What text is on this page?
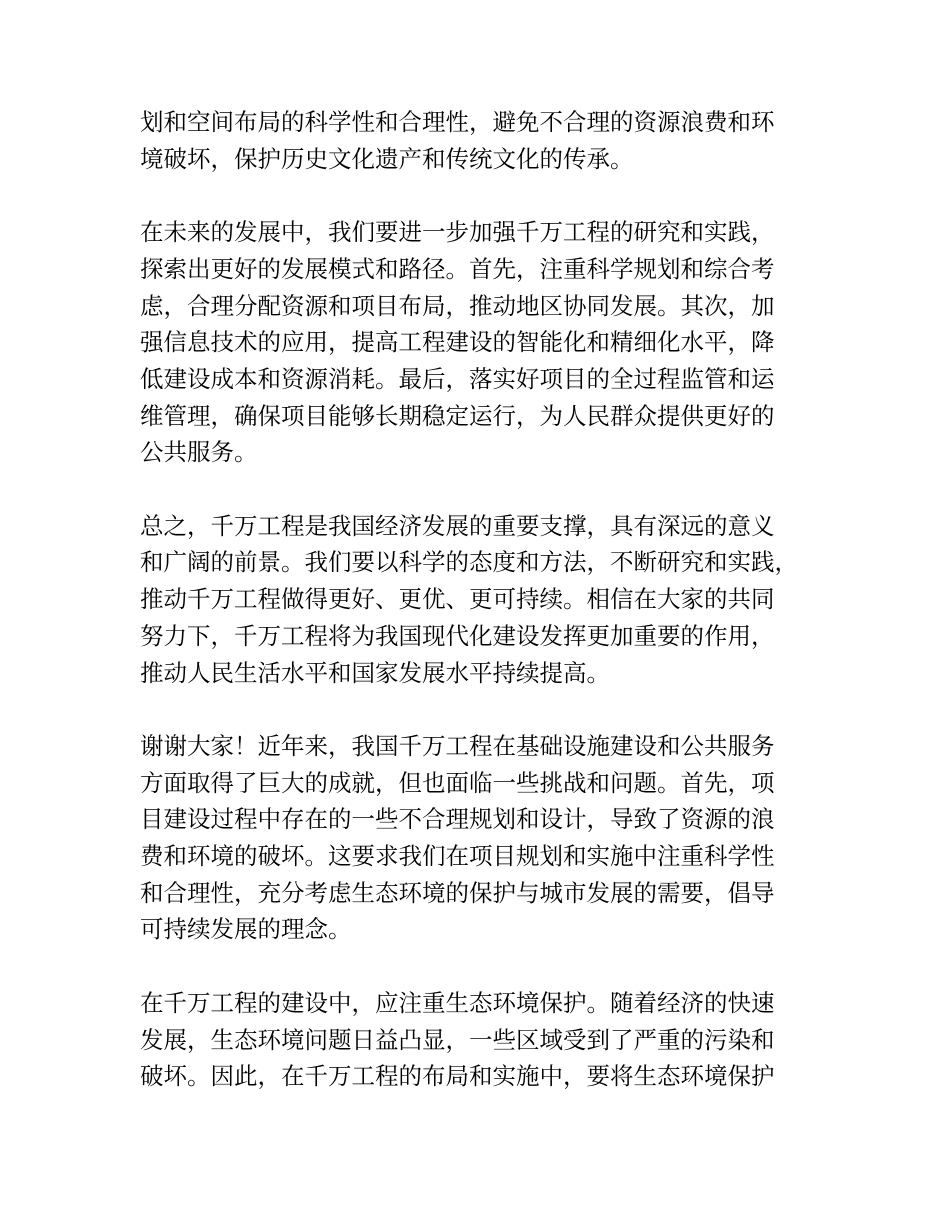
划和空间布局的科学性和合理性，避免不合理的资源浪费和环
境破坏，保护历史文化遗产和传统文化的传承。

在未来的发展中，我们要进一步加强千万工程的研究和实践，
探索出更好的发展模式和路径。首先，注重科学规划和综合考
虑，合理分配资源和项目布局，推动地区协同发展。其次，加
强信息技术的应用，提高工程建设的智能化和精细化水平，降
低建设成本和资源消耗。最后，落实好项目的全过程监管和运
维管理，确保项目能够长期稳定运行，为人民群众提供更好的
公共服务。

总之，千万工程是我国经济发展的重要支撑，具有深远的意义
和广阔的前景。我们要以科学的态度和方法，不断研究和实践，
推动千万工程做得更好、更优、更可持续。相信在大家的共同
努力下，千万工程将为我国现代化建设发挥更加重要的作用，
推动人民生活水平和国家发展水平持续提高。

谢谢大家！近年来，我国千万工程在基础设施建设和公共服务
方面取得了巨大的成就，但也面临一些挑战和问题。首先，项
目建设过程中存在的一些不合理规划和设计，导致了资源的浪
费和环境的破坏。这要求我们在项目规划和实施中注重科学性
和合理性，充分考虑生态环境的保护与城市发展的需要，倡导
可持续发展的理念。

在千万工程的建设中，应注重生态环境保护。随着经济的快速
发展，生态环境问题日益凸显，一些区域受到了严重的污染和
破坏。因此，在千万工程的布局和实施中，要将生态环境保护
